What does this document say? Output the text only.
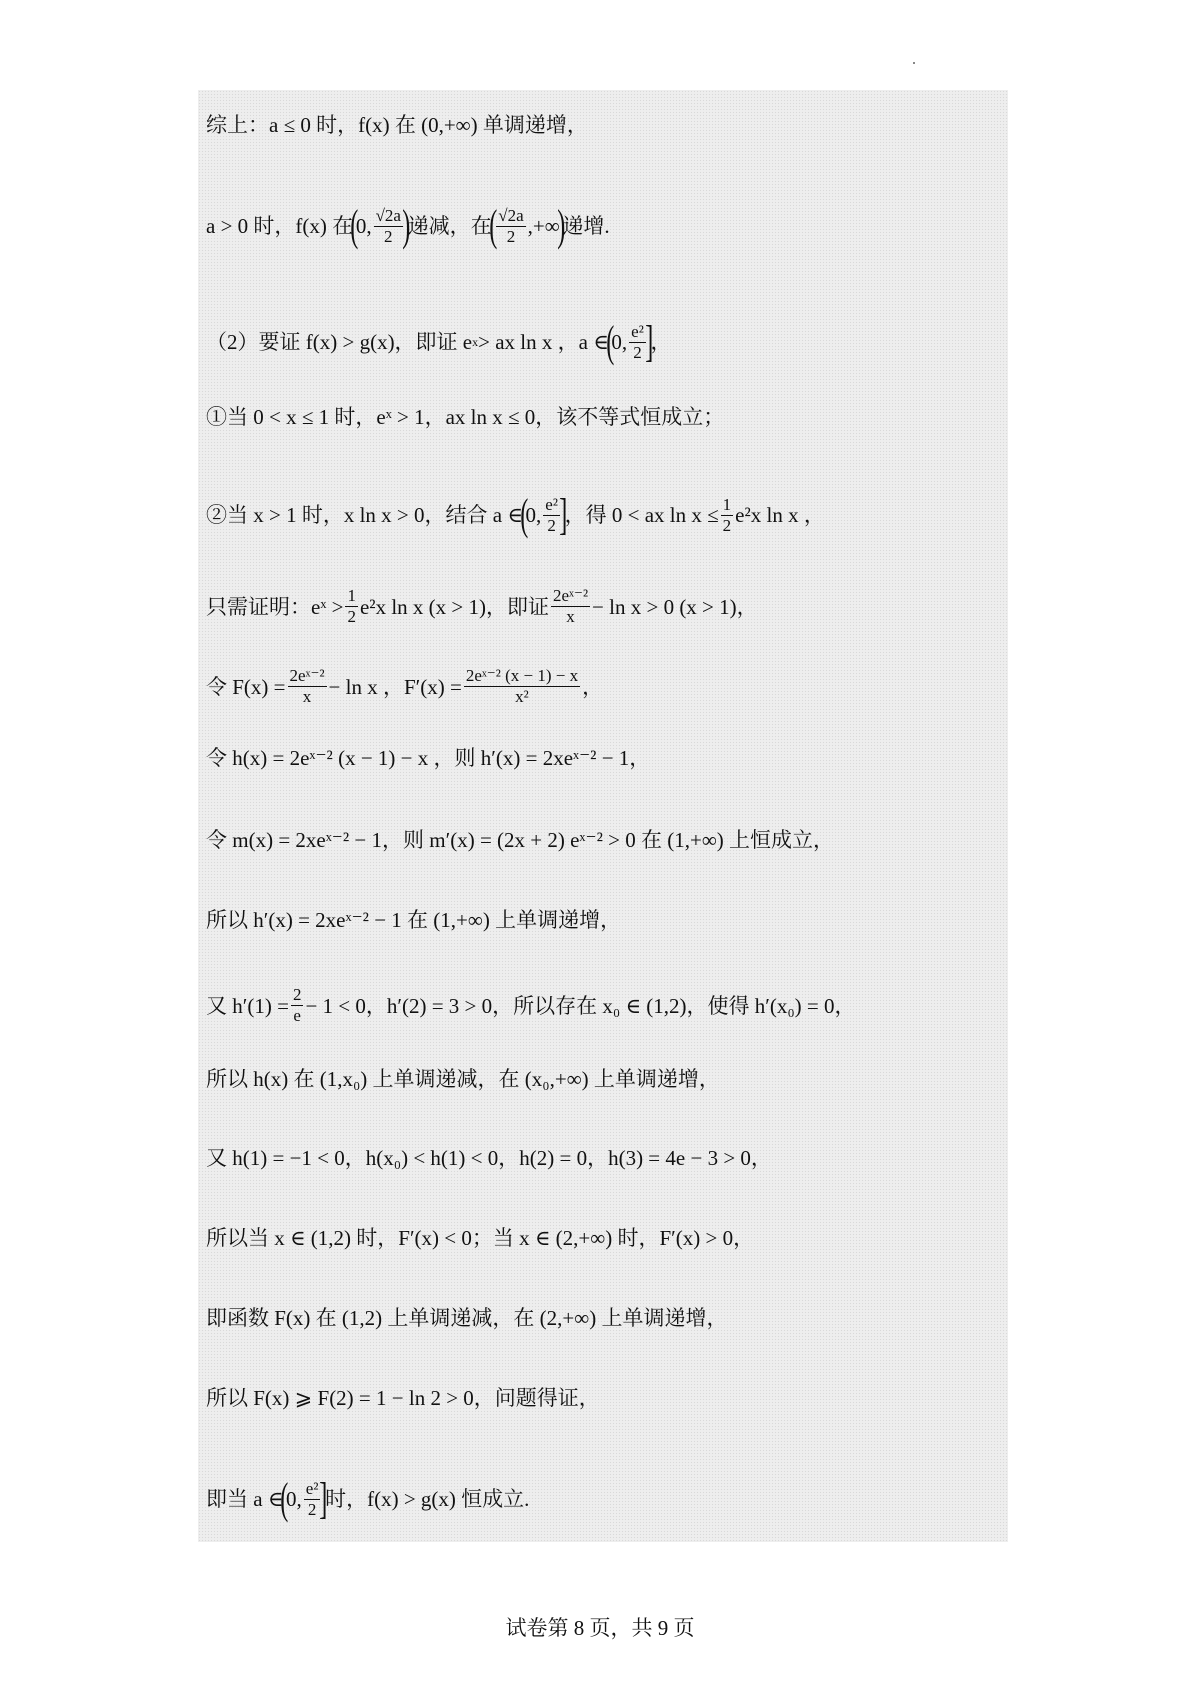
综上：a ≤ 0 时，f(x) 在 (0,+∞) 单调递增，
a > 0 时，f(x) 在
(
0, $\frac{√2a}{2}$ )
递减，在
( $\frac{√2a}{2}$ ,+∞
)
递增.
（2）要证 f(x) > g(x)，即证 e x > ax ln x ，a ∈
(
0, $\frac{\text{e²}}{2}$ ]
，
①当 0 < x ≤ 1 时，eˣ > 1，ax ln x ≤ 0，该不等式恒成立；
②当 x > 1 时，x ln x > 0，结合 a ∈
(
0, $\frac{\text{e²}}{2}$ ]
，得 0 < ax $\ln x \le \frac{1}{2} e^2x$ ln x ，
只需证明：eˣ > $\frac{1}{2} e^2x$ ln x (x > 1)，即证 $\frac{\text{2eˣ⁻²}}{x} - \ln x > 0$ (x > 1)，
令 $F(x) = \frac{\text{2eˣ⁻²}}{x} - \ln x$ ，$F'(x) = \frac{\text{2eˣ⁻² (x − 1) − x}}{\text{x²}}$ ，
令 h(x) = 2eˣ⁻² (x − 1) − x ，则 h′(x) = 2xeˣ⁻² − 1，
令 m(x) = 2xeˣ⁻² − 1，则 m′(x) = (2x + 2) eˣ⁻² > 0 在 (1,+∞) 上恒成立，
所以 h′(x) = 2xeˣ⁻² − 1 在 (1,+∞) 上单调递增，
又 $h'(1) = \frac{2}{e} - 1 < 0$，h′(2) = 3 > 0，所以存在 x₀ ∈ (1,2)，使得 h′(x₀) = 0，
所以 h(x) 在 (1,x₀) 上单调递减，在 (x₀,+∞) 上单调递增，
又 h(1) = −1 < 0，h(x₀) < h(1) < 0，h(2) = 0，h(3) = 4e − 3 > 0，
所以当 x ∈ (1,2) 时，F′(x) < 0；当 x ∈ (2,+∞) 时，F′(x) > 0，
即函数 F(x) 在 (1,2) 上单调递减，在 (2,+∞) 上单调递增，
所以 F(x) ⩾ F(2) = 1 − ln 2 > 0，问题得证，
即当 a ∈
(
0, $\frac{\text{e²}}{2}$ ]
时，f(x) > g(x) 恒成立.
试卷第 8 页，共 9 页
